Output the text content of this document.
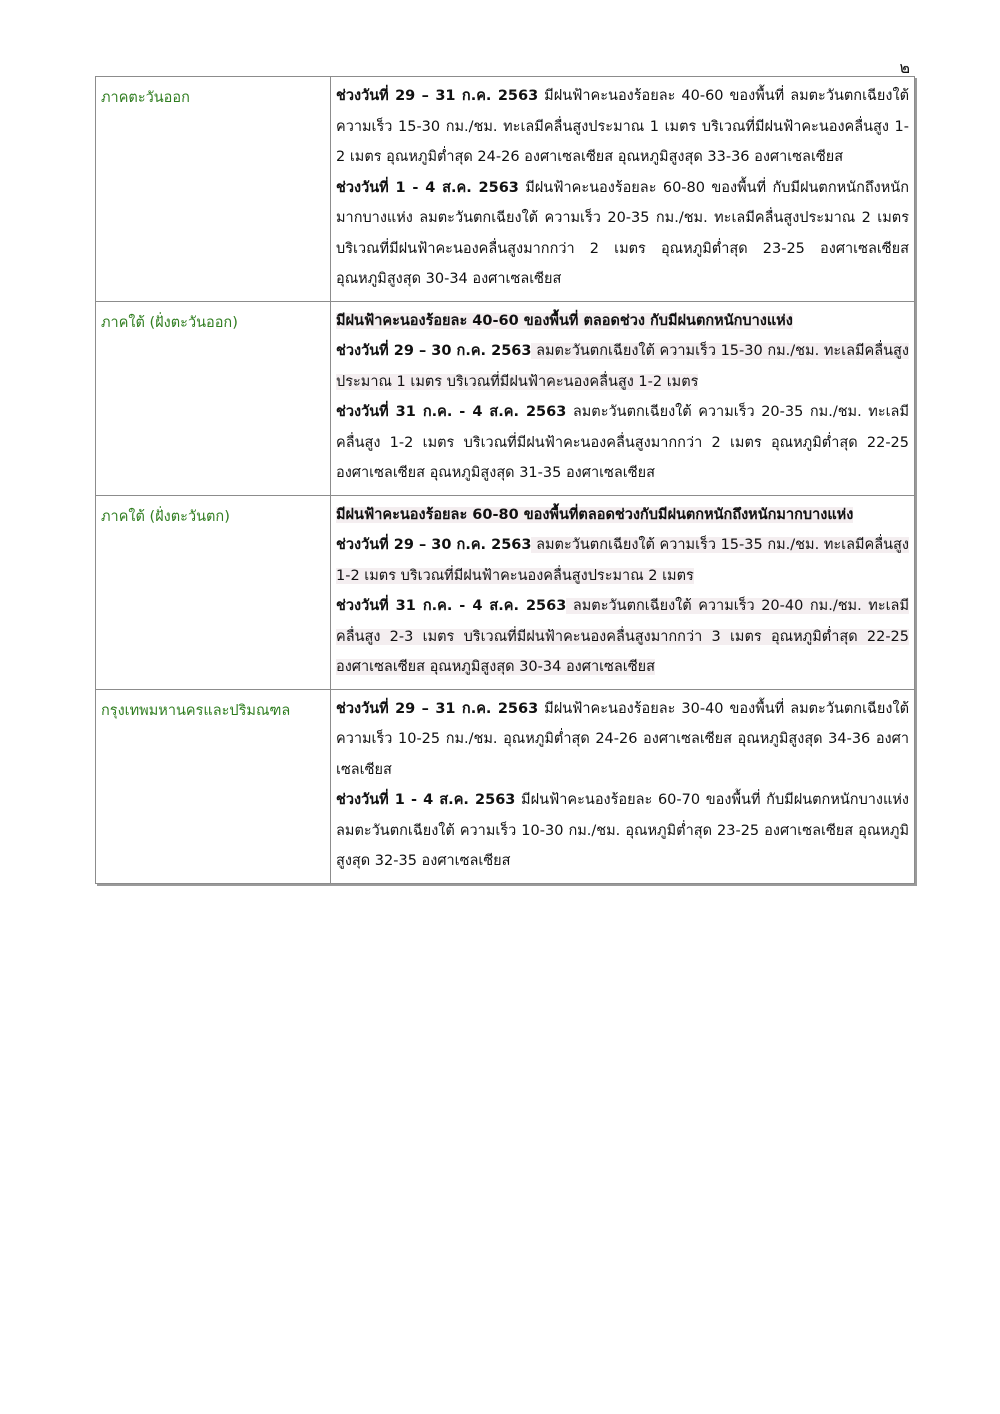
๒
ภาคตะวันออก	ช่วงวันที่ 29 – 31 ก.ค. 2563 มีฝนฟ้าคะนองร้อยละ 40-60 ของพื้นที่ ลมตะวันตกเฉียงใต้ ความเร็ว 15-30 กม./ชม. ทะเลมีคลื่นสูงประมาณ 1 เมตร บริเวณที่มีฝนฟ้าคะนองคลื่นสูง 1-2 เมตร อุณหภูมิต่ำสุด 24-26 องศาเซลเซียส อุณหภูมิสูงสุด 33-36 องศาเซลเซียส

ช่วงวันที่ 1 - 4 ส.ค. 2563 มีฝนฟ้าคะนองร้อยละ 60-80 ของพื้นที่ กับมีฝนตกหนักถึงหนักมากบางแห่ง ลมตะวันตกเฉียงใต้ ความเร็ว 20-35 กม./ชม. ทะเลมีคลื่นสูงประมาณ 2 เมตร บริเวณที่มีฝนฟ้าคะนองคลื่นสูงมากกว่า 2 เมตร อุณหภูมิต่ำสุด 23-25 องศาเซลเซียส อุณหภูมิสูงสุด 30-34 องศาเซลเซียส

ภาคใต้ (ฝั่งตะวันออก)	มีฝนฟ้าคะนองร้อยละ 40-60 ของพื้นที่ ตลอดช่วง กับมีฝนตกหนักบางแห่ง

ช่วงวันที่ 29 – 30 ก.ค. 2563 ลมตะวันตกเฉียงใต้ ความเร็ว 15-30 กม./ชม. ทะเลมีคลื่นสูงประมาณ 1 เมตร บริเวณที่มีฝนฟ้าคะนองคลื่นสูง 1-2 เมตร

ช่วงวันที่ 31 ก.ค. - 4 ส.ค. 2563 ลมตะวันตกเฉียงใต้ ความเร็ว 20-35 กม./ชม. ทะเลมีคลื่นสูง 1-2 เมตร บริเวณที่มีฝนฟ้าคะนองคลื่นสูงมากกว่า 2 เมตร อุณหภูมิต่ำสุด 22-25 องศาเซลเซียส อุณหภูมิสูงสุด 31-35 องศาเซลเซียส

ภาคใต้ (ฝั่งตะวันตก)	มีฝนฟ้าคะนองร้อยละ 60-80 ของพื้นที่ตลอดช่วงกับมีฝนตกหนักถึงหนักมากบางแห่ง

ช่วงวันที่ 29 – 30 ก.ค. 2563 ลมตะวันตกเฉียงใต้ ความเร็ว 15-35 กม./ชม. ทะเลมีคลื่นสูง 1-2 เมตร บริเวณที่มีฝนฟ้าคะนองคลื่นสูงประมาณ 2 เมตร

ช่วงวันที่ 31 ก.ค. - 4 ส.ค. 2563 ลมตะวันตกเฉียงใต้ ความเร็ว 20-40 กม./ชม. ทะเลมีคลื่นสูง 2-3 เมตร บริเวณที่มีฝนฟ้าคะนองคลื่นสูงมากกว่า 3 เมตร อุณหภูมิต่ำสุด 22-25 องศาเซลเซียส อุณหภูมิสูงสุด 30-34 องศาเซลเซียส

กรุงเทพมหานครและปริมณฑล	ช่วงวันที่ 29 – 31 ก.ค. 2563 มีฝนฟ้าคะนองร้อยละ 30-40 ของพื้นที่ ลมตะวันตกเฉียงใต้ ความเร็ว 10-25 กม./ชม. อุณหภูมิต่ำสุด 24-26 องศาเซลเซียส อุณหภูมิสูงสุด 34-36 องศาเซลเซียส

ช่วงวันที่ 1 - 4 ส.ค. 2563 มีฝนฟ้าคะนองร้อยละ 60-70 ของพื้นที่ กับมีฝนตกหนักบางแห่ง ลมตะวันตกเฉียงใต้ ความเร็ว 10-30 กม./ชม. อุณหภูมิต่ำสุด 23-25 องศาเซลเซียส อุณหภูมิสูงสุด 32-35 องศาเซลเซียส
